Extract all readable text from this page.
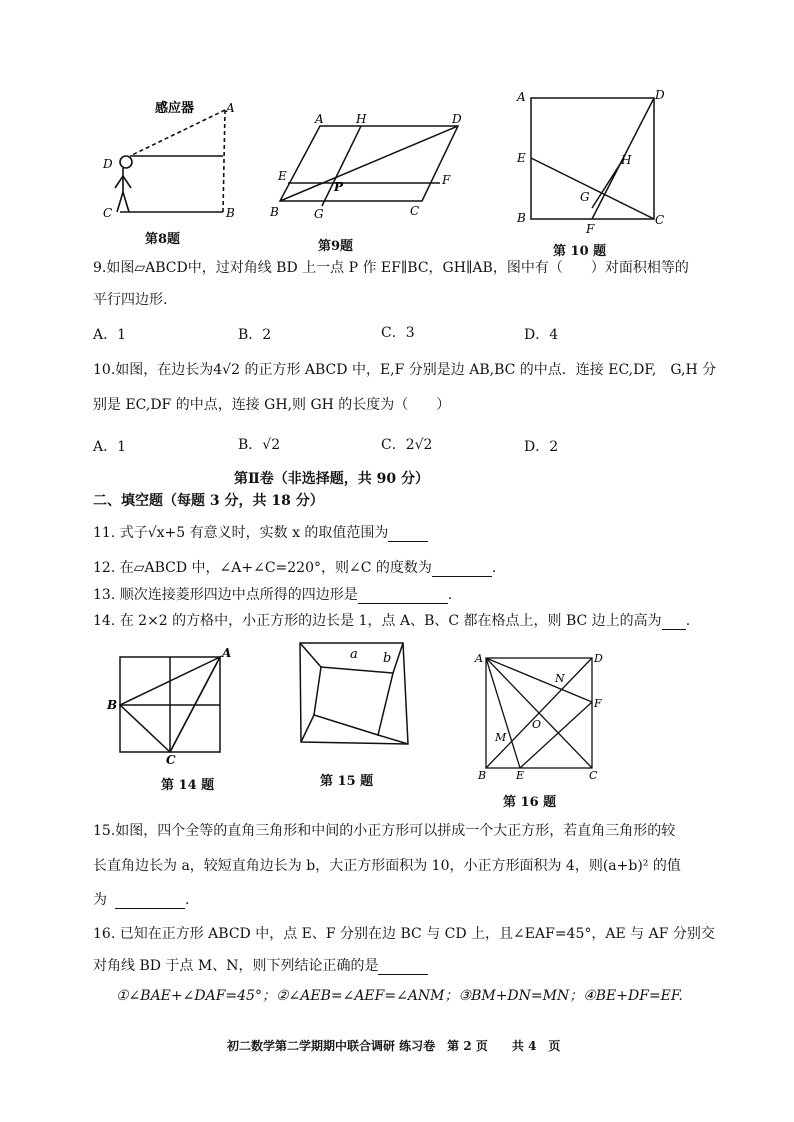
感应器	A
D
C	B
第8题
A	H	D
E
P	F
B	G	C
第9题
A	D
E	H
G
B
F
C
第 10 题
9.如图▱ABCD中，过对角线 BD 上一点 P 作 EF∥BC，GH∥AB，图中有（　　）对面积相等的
平行四边形.
A．1	B．2	C．3	D．4
10.如图，在边长为4√2 的正方形 ABCD 中，E,F 分别是边 AB,BC 的中点．连接 EC,DF,　G,H 分
别是 EC,DF 的中点，连接 GH,则 GH 的长度为（　　）
A．1	B．√2	C．2√2	D．2
第Ⅱ卷（非选择题，共 90 分）
二、填空题（每题 3 分，共 18 分）
11. 式子√x+5 有意义时，实数 x 的取值范围为
12. 在▱ABCD 中，∠A+∠C=220°，则∠C 的度数为	.
13. 顺次连接菱形四边中点所得的四边形是	.
14. 在 2×2 的方格中，小正方形的边长是 1，点 A、B、C 都在格点上，则 BC 边上的高为 .
A
B
C
第 14 题
a b
第 15 题
A	D
N
F
O
M
B	E	C
第 16 题
15.如图，四个全等的直角三角形和中间的小正方形可以拼成一个大正方形，若直角三角形的较
长直角边长为 a，较短直角边长为 b，大正方形面积为 10，小正方形面积为 4，则(a+b)² 的值
为	.
16. 已知在正方形 ABCD 中，点 E、F 分别在边 BC 与 CD 上，且∠EAF=45°，AE 与 AF 分别交
对角线 BD 于点 M、N，则下列结论正确的是
①∠BAE+∠DAF=45°；②∠AEB=∠AEF=∠ANM；③BM+DN=MN；④BE+DF=EF.
初二数学第二学期期中联合调研 练习卷　第 2 页　　共 4　页
